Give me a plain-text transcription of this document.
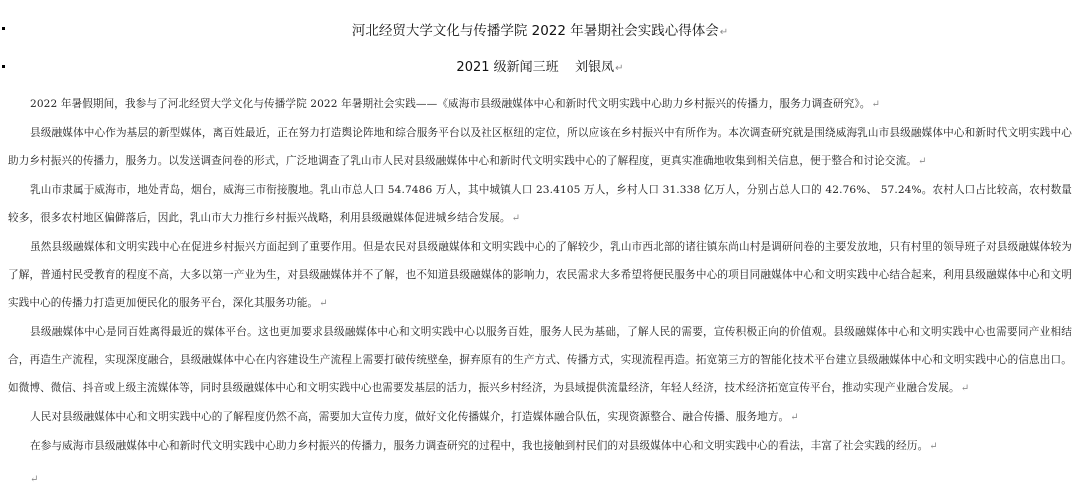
河北经贸大学文化与传播学院 2022 年暑期社会实践心得体会↵
2021 级新闻三班    刘银凤↵

2022 年暑假期间，我参与了河北经贸大学文化与传播学院 2022 年暑期社会实践——《威海市县级融媒体中心和新时代文明实践中心助力乡村振兴的传播力，服务力调查研究》。↵

县级融媒体中心作为基层的新型媒体，离百姓最近，正在努力打造舆论阵地和综合服务平台以及社区枢纽的定位，所以应该在乡村振兴中有所作为。本次调查研究就是围绕威海乳山市县级融媒体中心和新时代文明实践中心助力乡村振兴的传播力，服务力。以发送调查问卷的形式，广泛地调查了乳山市人民对县级融媒体中心和新时代文明实践中心的了解程度，更真实准确地收集到相关信息，便于整合和讨论交流。↵

乳山市隶属于威海市，地处青岛，烟台，威海三市衔接腹地。乳山市总人口 54.7486 万人，其中城镇人口 23.4105 万人，乡村人口 31.338 亿万人，分别占总人口的 42.76%、 57.24%。农村人口占比较高，农村数量较多，很多农村地区偏僻落后，因此，乳山市大力推行乡村振兴战略，利用县级融媒体促进城乡结合发展。↵

虽然县级融媒体和文明实践中心在促进乡村振兴方面起到了重要作用。但是农民对县级融媒体和文明实践中心的了解较少，乳山市西北部的诸往镇东尚山村是调研问卷的主要发放地，只有村里的领导班子对县级融媒体较为了解，普通村民受教育的程度不高，大多以第一产业为生，对县级融媒体并不了解，也不知道县级融媒体的影响力，农民需求大多希望将便民服务中心的项目同融媒体中心和文明实践中心结合起来，利用县级融媒体中心和文明实践中心的传播力打造更加便民化的服务平台，深化其服务功能。↵

县级融媒体中心是同百姓离得最近的媒体平台。这也更加要求县级融媒体中心和文明实践中心以服务百姓，服务人民为基础，了解人民的需要，宣传积极正向的价值观。县级融媒体中心和文明实践中心也需要同产业相结合，再造生产流程，实现深度融合，县级融媒体中心在内容建设生产流程上需要打破传统壁垒，摒弃原有的生产方式、传播方式，实现流程再造。拓宽第三方的智能化技术平台建立县级融媒体中心和文明实践中心的信息出口。如微博、微信、抖音或上级主流媒体等，同时县级融媒体中心和文明实践中心也需要发基层的活力，振兴乡村经济，为县域提供流量经济，年轻人经济，技术经济拓宽宣传平台，推动实现产业融合发展。↵

人民对县级融媒体中心和文明实践中心的了解程度仍然不高，需要加大宣传力度，做好文化传播媒介，打造媒体融合队伍，实现资源整合、融合传播、服务地方。↵

在参与威海市县级融媒体中心和新时代文明实践中心助力乡村振兴的传播力，服务力调查研究的过程中，我也接触到村民们的对县级媒体中心和文明实践中心的看法，丰富了社会实践的经历。↵

↵
